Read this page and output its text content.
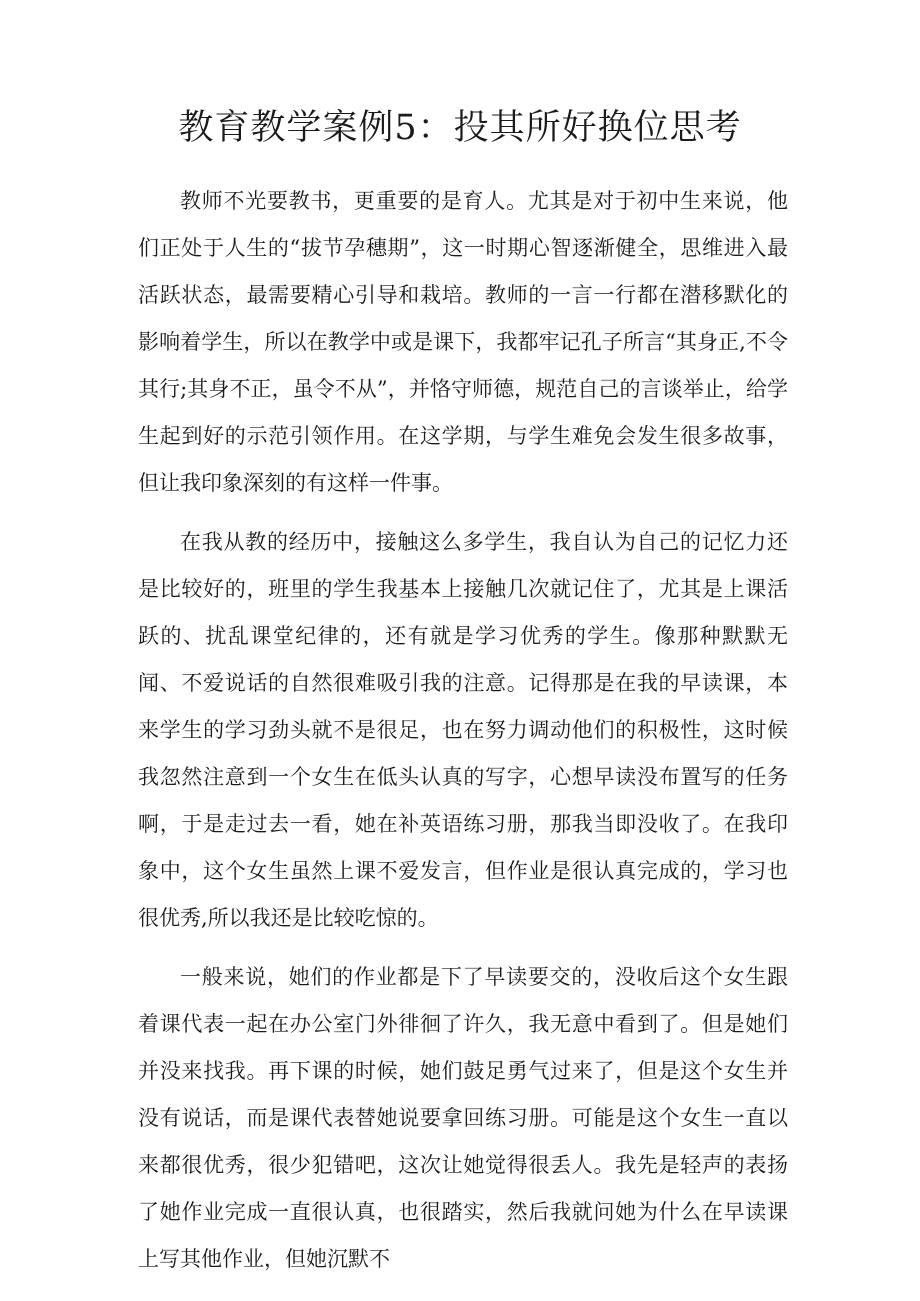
教育教学案例5：投其所好换位思考

教师不光要教书，更重要的是育人。尤其是对于初中生来说，他们正处于人生的“拔节孕穗期”，这一时期心智逐渐健全，思维进入最活跃状态，最需要精心引导和栽培。教师的一言一行都在潜移默化的影响着学生，所以在教学中或是课下，我都牢记孔子所言“其身正,不令其行;其身不正，虽令不从”，并恪守师德，规范自己的言谈举止，给学生起到好的示范引领作用。在这学期，与学生难免会发生很多故事，但让我印象深刻的有这样一件事。

在我从教的经历中，接触这么多学生，我自认为自己的记忆力还是比较好的，班里的学生我基本上接触几次就记住了，尤其是上课活跃的、扰乱课堂纪律的，还有就是学习优秀的学生。像那种默默无闻、不爱说话的自然很难吸引我的注意。记得那是在我的早读课，本来学生的学习劲头就不是很足，也在努力调动他们的积极性，这时候我忽然注意到一个女生在低头认真的写字，心想早读没布置写的任务啊，于是走过去一看，她在补英语练习册，那我当即没收了。在我印象中，这个女生虽然上课不爱发言，但作业是很认真完成的，学习也很优秀,所以我还是比较吃惊的。

一般来说，她们的作业都是下了早读要交的，没收后这个女生跟着课代表一起在办公室门外徘徊了许久，我无意中看到了。但是她们并没来找我。再下课的时候，她们鼓足勇气过来了，但是这个女生并没有说话，而是课代表替她说要拿回练习册。可能是这个女生一直以来都很优秀，很少犯错吧，这次让她觉得很丢人。我先是轻声的表扬了她作业完成一直很认真，也很踏实，然后我就问她为什么在早读课上写其他作业，但她沉默不
